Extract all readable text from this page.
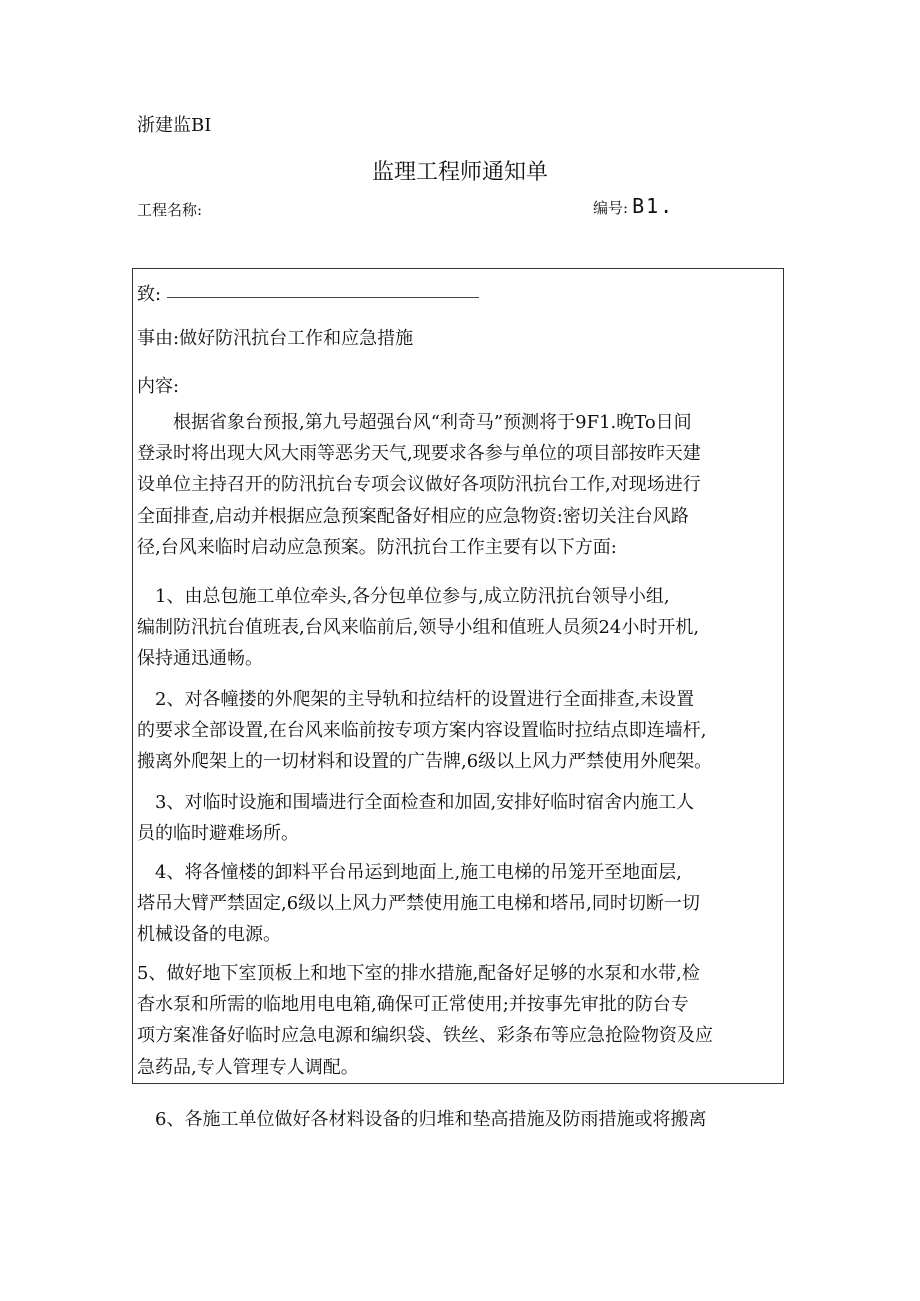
浙建监BI
监理工程师通知单
工程名称:	编号: B1.
致:
事由:做好防汛抗台工作和应急措施
内容:
　　根据省象台预报,第九号超强台风“利奇马”预测将于9F1.晚To日间
登录时将出现大风大雨等恶劣天气,现要求各参与单位的项目部按昨天建
设单位主持召开的防汛抗台专项会议做好各项防汛抗台工作,对现场进行
全面排查,启动并根据应急预案配备好相应的应急物资:密切关注台风路
径,台风来临时启动应急预案。防汛抗台工作主要有以下方面:
　1、由总包施工单位牵头,各分包单位参与,成立防汛抗台领导小组,
编制防汛抗台值班表,台风来临前后,领导小组和值班人员须24小时开机,
保持通迅通畅。
　2、对各幢搂的外爬架的主导轨和拉结杆的设置进行全面排查,未设置
的要求全部设置,在台风来临前按专项方案内容设置临时拉结点即连墙杆,
搬离外爬架上的一切材料和设置的广告牌,6级以上风力严禁使用外爬架。
　3、对临时设施和围墙进行全面检查和加固,安排好临时宿舍内施工人
员的临时避难场所。
　4、将各憧楼的卸料平台吊运到地面上,施工电梯的吊笼开至地面层,
塔吊大臂严禁固定,6级以上风力严禁使用施工电梯和塔吊,同时切断一切
机械设备的电源。
5、做好地下室顶板上和地下室的排水措施,配备好足够的水泵和水带,检
杳水泵和所需的临地用电电箱,确保可正常使用;并按事先审批的防台专
项方案准备好临时应急电源和编织袋、铁丝、彩条布等应急抢险物资及应
急药品,专人管理专人调配。
　6、各施工单位做好各材料设备的归堆和垫高措施及防雨措施或将搬离
